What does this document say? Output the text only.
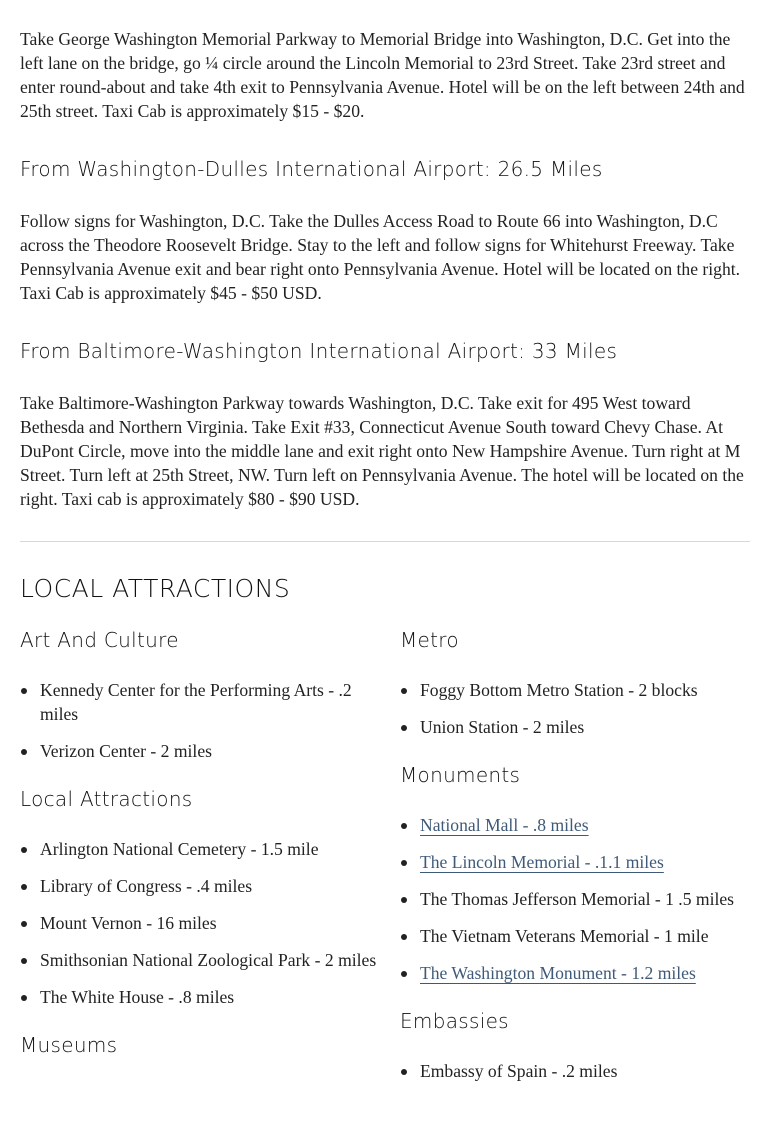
Take George Washington Memorial Parkway to Memorial Bridge into Washington, D.C. Get into the left lane on the bridge, go ¼ circle around the Lincoln Memorial to 23rd Street. Take 23rd street and enter round-about and take 4th exit to Pennsylvania Avenue. Hotel will be on the left between 24th and 25th street. Taxi Cab is approximately $15 - $20.

From Washington-Dulles International Airport: 26.5 Miles

Follow signs for Washington, D.C. Take the Dulles Access Road to Route 66 into Washington, D.C across the Theodore Roosevelt Bridge. Stay to the left and follow signs for Whitehurst Freeway. Take Pennsylvania Avenue exit and bear right onto Pennsylvania Avenue. Hotel will be located on the right. Taxi Cab is approximately $45 - $50 USD.

From Baltimore-Washington International Airport: 33 Miles

Take Baltimore-Washington Parkway towards Washington, D.C. Take exit for 495 West toward Bethesda and Northern Virginia. Take Exit #33, Connecticut Avenue South toward Chevy Chase. At DuPont Circle, move into the middle lane and exit right onto New Hampshire Avenue. Turn right at M Street. Turn left at 25th Street, NW. Turn left on Pennsylvania Avenue. The hotel will be located on the right. Taxi cab is approximately $80 - $90 USD.

LOCAL ATTRACTIONS
Art And Culture
Kennedy Center for the Performing Arts - .2 miles
Verizon Center - 2 miles
Local Attractions
Arlington National Cemetery - 1.5 mile
Library of Congress - .4 miles
Mount Vernon - 16 miles
Smithsonian National Zoological Park - 2 miles
The White House - .8 miles
Museums
Metro
Foggy Bottom Metro Station - 2 blocks
Union Station - 2 miles
Monuments
National Mall - .8 miles
The Lincoln Memorial - .1.1 miles
The Thomas Jefferson Memorial - 1 .5 miles
The Vietnam Veterans Memorial - 1 mile
The Washington Monument - 1.2 miles
Embassies
Embassy of Spain - .2 miles
